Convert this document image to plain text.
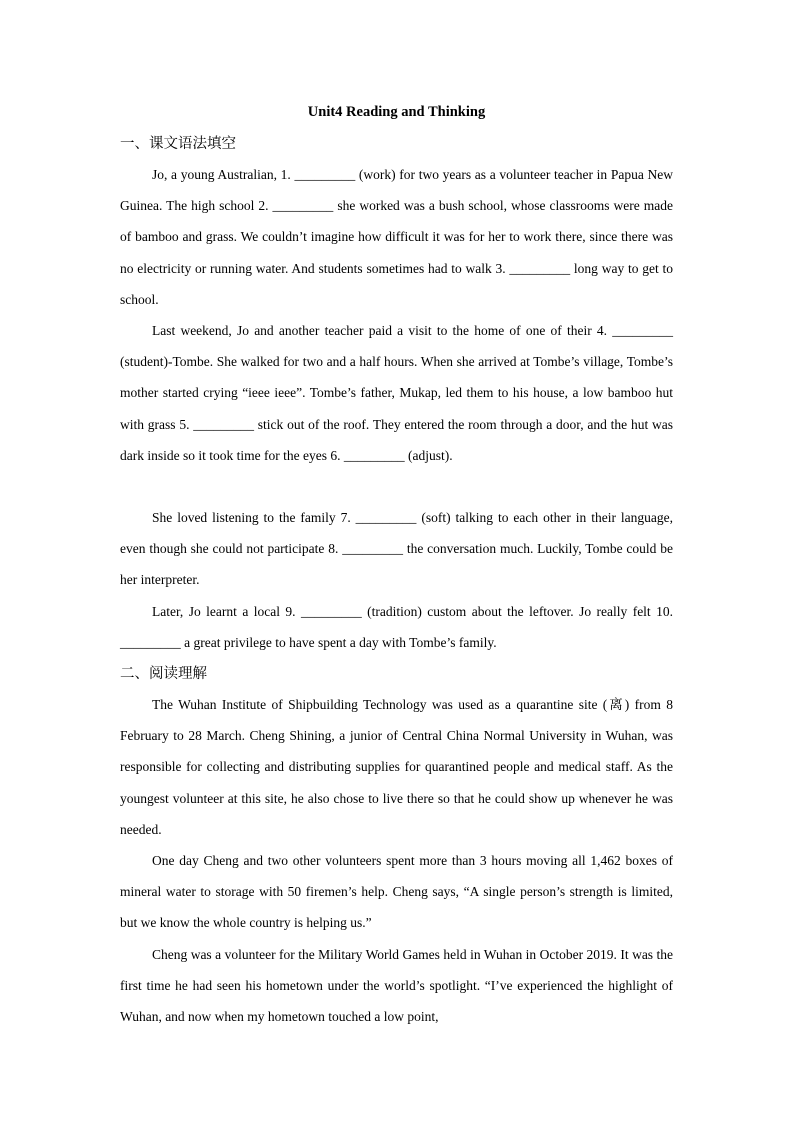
Unit4 Reading and Thinking
一、课文语法填空

Jo, a young Australian, 1. _________ (work) for two years as a volunteer teacher in Papua New Guinea. The high school 2. _________ she worked was a bush school, whose classrooms were made of bamboo and grass. We couldn’t imagine how difficult it was for her to work there, since there was no electricity or running water. And students sometimes had to walk 3. _________ long way to get to school.

Last weekend, Jo and another teacher paid a visit to the home of one of their 4. _________ (student)-Tombe. She walked for two and a half hours. When she arrived at Tombe’s village, Tombe’s mother started crying “ieee ieee”. Tombe’s father, Mukap, led them to his house, a low bamboo hut with grass 5. _________ stick out of the roof. They entered the room through a door, and the hut was dark inside so it took time for the eyes 6. _________ (adjust).

She loved listening to the family 7. _________ (soft) talking to each other in their language, even though she could not participate 8. _________ the conversation much. Luckily, Tombe could be her interpreter.

Later, Jo learnt a local 9. _________ (tradition) custom about the leftover. Jo really felt 10. _________ a great privilege to have spent a day with Tombe’s family.

二、阅读理解

The Wuhan Institute of Shipbuilding Technology was used as a quarantine site (离) from 8 February to 28 March. Cheng Shining, a junior of Central China Normal University in Wuhan, was responsible for collecting and distributing supplies for quarantined people and medical staff. As the youngest volunteer at this site, he also chose to live there so that he could show up whenever he was needed.

One day Cheng and two other volunteers spent more than 3 hours moving all 1,462 boxes of mineral water to storage with 50 firemen’s help. Cheng says, “A single person’s strength is limited, but we know the whole country is helping us.”

Cheng was a volunteer for the Military World Games held in Wuhan in October 2019. It was the first time he had seen his hometown under the world’s spotlight. “I’ve experienced the highlight of Wuhan, and now when my hometown touched a low point,
